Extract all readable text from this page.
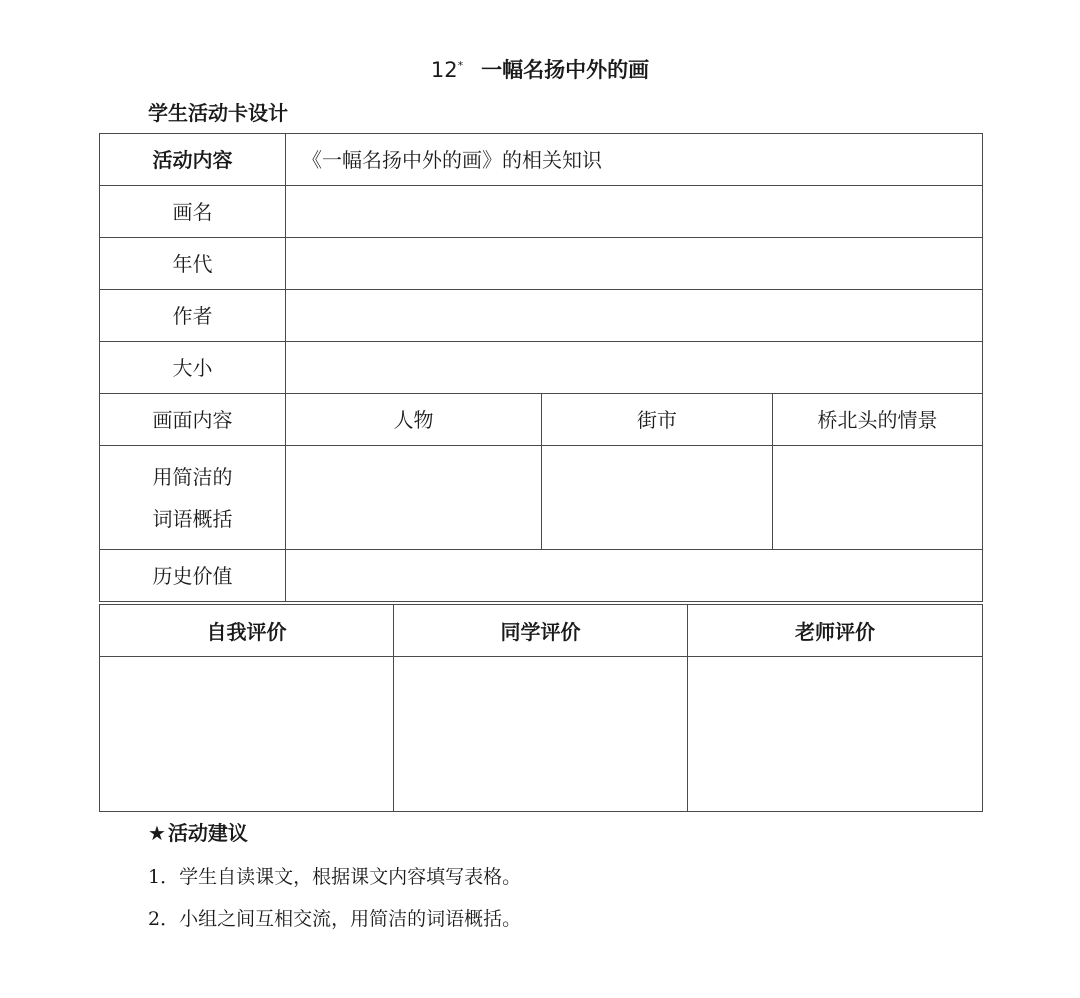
12* 一幅名扬中外的画
学生活动卡设计
活动内容	《一幅名扬中外的画》的相关知识		
画名			
年代			
作者			
大小			
画面内容	人物	街市	桥北头的情景

用简洁的
词语概括			

历史价值			
自我评价	同学评价	老师评价

★ 活动建议
1．学生自读课文，根据课文内容填写表格。
2．小组之间互相交流，用简洁的词语概括。
